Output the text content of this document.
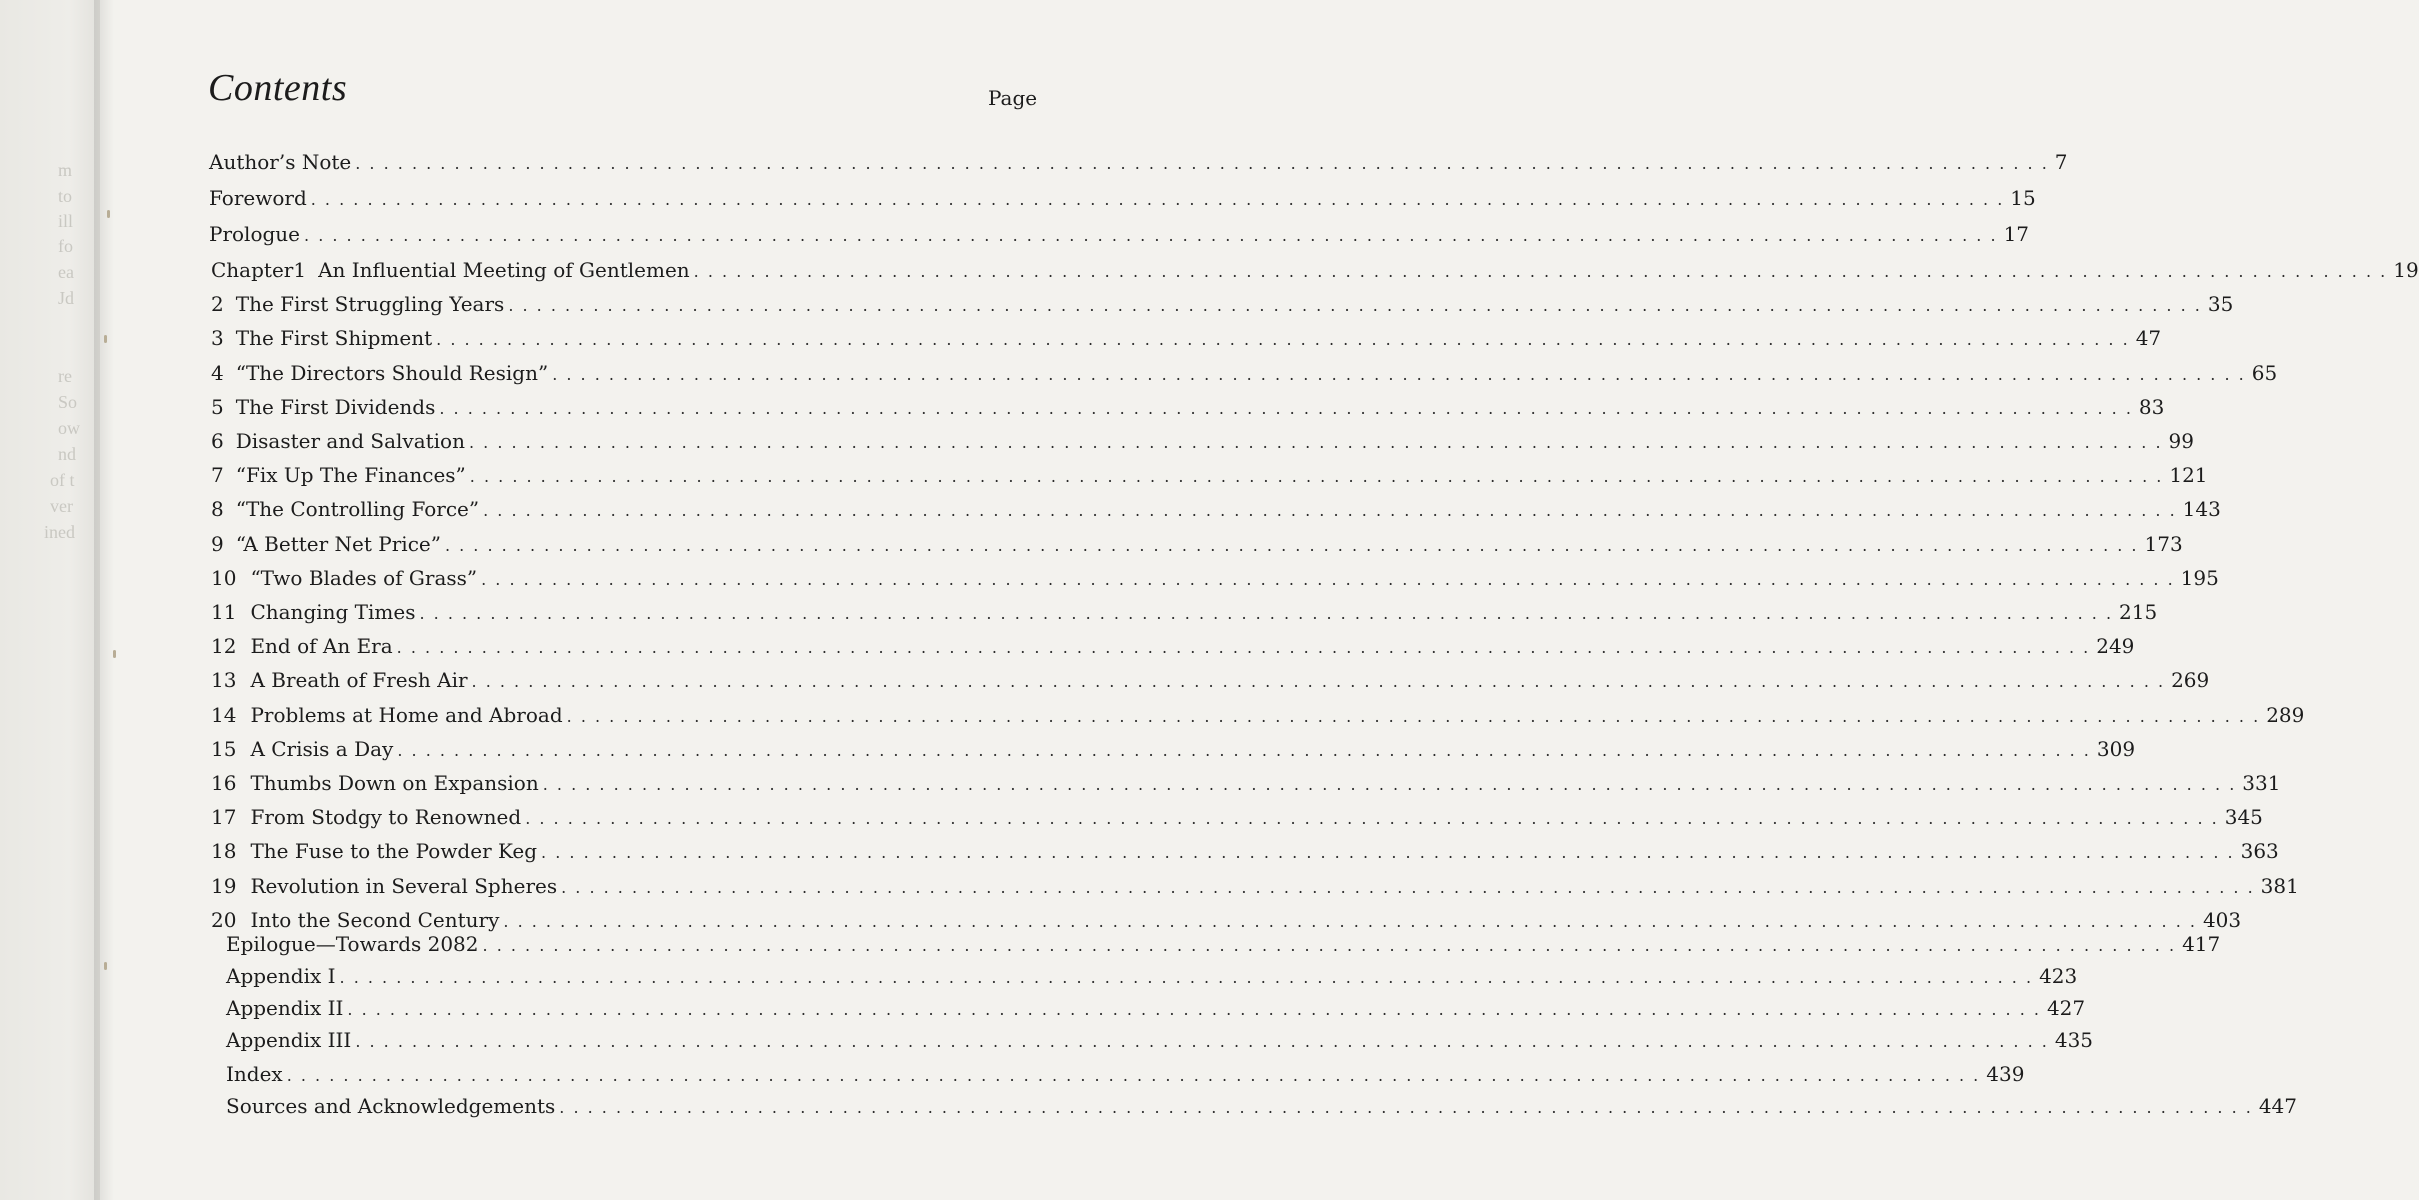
m
to
ill
fo
ea
Jd
re
So
ow
nd
of t
ver
ined
Contents	Page
Author’s Note . . . . . . . . . . . . . . . . . . . . . . . . . . . . . . . . . . . . . . . . . . . . . . . . . . . . . . . . . . . . . . . . . . . . . . . . . . . . . . . . . . . . . . . . . . . . . . . . . . . . . . . . . . . . . . . . . . . . . . . . 7
Foreword . . . . . . . . . . . . . . . . . . . . . . . . . . . . . . . . . . . . . . . . . . . . . . . . . . . . . . . . . . . . . . . . . . . . . . . . . . . . . . . . . . . . . . . . . . . . . . . . . . . . . . . . . . . . . . . . . . . . . . . . 15
Prologue . . . . . . . . . . . . . . . . . . . . . . . . . . . . . . . . . . . . . . . . . . . . . . . . . . . . . . . . . . . . . . . . . . . . . . . . . . . . . . . . . . . . . . . . . . . . . . . . . . . . . . . . . . . . . . . . . . . . . . . . 17
Chapter 1 An Influential Meeting of Gentlemen . . . . . . . . . . . . . . . . . . . . . . . . . . . . . . . . . . . . . . . . . . . . . . . . . . . . . . . . . . . . . . . . . . . . . . . . . . . . . . . . . . . . . . . . . . . . . . . . . . . . . . . . . . . . . . . . . . . . . . . . 19
2 The First Struggling Years . . . . . . . . . . . . . . . . . . . . . . . . . . . . . . . . . . . . . . . . . . . . . . . . . . . . . . . . . . . . . . . . . . . . . . . . . . . . . . . . . . . . . . . . . . . . . . . . . . . . . . . . . . . . . . . . . . . . . . . . 35
3 The First Shipment . . . . . . . . . . . . . . . . . . . . . . . . . . . . . . . . . . . . . . . . . . . . . . . . . . . . . . . . . . . . . . . . . . . . . . . . . . . . . . . . . . . . . . . . . . . . . . . . . . . . . . . . . . . . . . . . . . . . . . . . 47
4 “The Directors Should Resign” . . . . . . . . . . . . . . . . . . . . . . . . . . . . . . . . . . . . . . . . . . . . . . . . . . . . . . . . . . . . . . . . . . . . . . . . . . . . . . . . . . . . . . . . . . . . . . . . . . . . . . . . . . . . . . . . . . . . . . . . 65
5 The First Dividends . . . . . . . . . . . . . . . . . . . . . . . . . . . . . . . . . . . . . . . . . . . . . . . . . . . . . . . . . . . . . . . . . . . . . . . . . . . . . . . . . . . . . . . . . . . . . . . . . . . . . . . . . . . . . . . . . . . . . . . . 83
6 Disaster and Salvation . . . . . . . . . . . . . . . . . . . . . . . . . . . . . . . . . . . . . . . . . . . . . . . . . . . . . . . . . . . . . . . . . . . . . . . . . . . . . . . . . . . . . . . . . . . . . . . . . . . . . . . . . . . . . . . . . . . . . . . . 99
7 “Fix Up The Finances” . . . . . . . . . . . . . . . . . . . . . . . . . . . . . . . . . . . . . . . . . . . . . . . . . . . . . . . . . . . . . . . . . . . . . . . . . . . . . . . . . . . . . . . . . . . . . . . . . . . . . . . . . . . . . . . . . . . . . . . . 121
8 “The Controlling Force” . . . . . . . . . . . . . . . . . . . . . . . . . . . . . . . . . . . . . . . . . . . . . . . . . . . . . . . . . . . . . . . . . . . . . . . . . . . . . . . . . . . . . . . . . . . . . . . . . . . . . . . . . . . . . . . . . . . . . . . . 143
9 “A Better Net Price” . . . . . . . . . . . . . . . . . . . . . . . . . . . . . . . . . . . . . . . . . . . . . . . . . . . . . . . . . . . . . . . . . . . . . . . . . . . . . . . . . . . . . . . . . . . . . . . . . . . . . . . . . . . . . . . . . . . . . . . . 173
10 “Two Blades of Grass” . . . . . . . . . . . . . . . . . . . . . . . . . . . . . . . . . . . . . . . . . . . . . . . . . . . . . . . . . . . . . . . . . . . . . . . . . . . . . . . . . . . . . . . . . . . . . . . . . . . . . . . . . . . . . . . . . . . . . . . . 195
11 Changing Times . . . . . . . . . . . . . . . . . . . . . . . . . . . . . . . . . . . . . . . . . . . . . . . . . . . . . . . . . . . . . . . . . . . . . . . . . . . . . . . . . . . . . . . . . . . . . . . . . . . . . . . . . . . . . . . . . . . . . . . . 215
12 End of An Era . . . . . . . . . . . . . . . . . . . . . . . . . . . . . . . . . . . . . . . . . . . . . . . . . . . . . . . . . . . . . . . . . . . . . . . . . . . . . . . . . . . . . . . . . . . . . . . . . . . . . . . . . . . . . . . . . . . . . . . . 249
13 A Breath of Fresh Air . . . . . . . . . . . . . . . . . . . . . . . . . . . . . . . . . . . . . . . . . . . . . . . . . . . . . . . . . . . . . . . . . . . . . . . . . . . . . . . . . . . . . . . . . . . . . . . . . . . . . . . . . . . . . . . . . . . . . . . . 269
14 Problems at Home and Abroad . . . . . . . . . . . . . . . . . . . . . . . . . . . . . . . . . . . . . . . . . . . . . . . . . . . . . . . . . . . . . . . . . . . . . . . . . . . . . . . . . . . . . . . . . . . . . . . . . . . . . . . . . . . . . . . . . . . . . . . . 289
15 A Crisis a Day . . . . . . . . . . . . . . . . . . . . . . . . . . . . . . . . . . . . . . . . . . . . . . . . . . . . . . . . . . . . . . . . . . . . . . . . . . . . . . . . . . . . . . . . . . . . . . . . . . . . . . . . . . . . . . . . . . . . . . . . 309
16 Thumbs Down on Expansion . . . . . . . . . . . . . . . . . . . . . . . . . . . . . . . . . . . . . . . . . . . . . . . . . . . . . . . . . . . . . . . . . . . . . . . . . . . . . . . . . . . . . . . . . . . . . . . . . . . . . . . . . . . . . . . . . . . . . . . . 331
17 From Stodgy to Renowned . . . . . . . . . . . . . . . . . . . . . . . . . . . . . . . . . . . . . . . . . . . . . . . . . . . . . . . . . . . . . . . . . . . . . . . . . . . . . . . . . . . . . . . . . . . . . . . . . . . . . . . . . . . . . . . . . . . . . . . . 345
18 The Fuse to the Powder Keg . . . . . . . . . . . . . . . . . . . . . . . . . . . . . . . . . . . . . . . . . . . . . . . . . . . . . . . . . . . . . . . . . . . . . . . . . . . . . . . . . . . . . . . . . . . . . . . . . . . . . . . . . . . . . . . . . . . . . . . . 363
19 Revolution in Several Spheres . . . . . . . . . . . . . . . . . . . . . . . . . . . . . . . . . . . . . . . . . . . . . . . . . . . . . . . . . . . . . . . . . . . . . . . . . . . . . . . . . . . . . . . . . . . . . . . . . . . . . . . . . . . . . . . . . . . . . . . . 381
20 Into the Second Century . . . . . . . . . . . . . . . . . . . . . . . . . . . . . . . . . . . . . . . . . . . . . . . . . . . . . . . . . . . . . . . . . . . . . . . . . . . . . . . . . . . . . . . . . . . . . . . . . . . . . . . . . . . . . . . . . . . . . . . . 403
Epilogue—Towards 2082 . . . . . . . . . . . . . . . . . . . . . . . . . . . . . . . . . . . . . . . . . . . . . . . . . . . . . . . . . . . . . . . . . . . . . . . . . . . . . . . . . . . . . . . . . . . . . . . . . . . . . . . . . . . . . . . . . . . . . . . . 417
Appendix I . . . . . . . . . . . . . . . . . . . . . . . . . . . . . . . . . . . . . . . . . . . . . . . . . . . . . . . . . . . . . . . . . . . . . . . . . . . . . . . . . . . . . . . . . . . . . . . . . . . . . . . . . . . . . . . . . . . . . . . . 423
Appendix II . . . . . . . . . . . . . . . . . . . . . . . . . . . . . . . . . . . . . . . . . . . . . . . . . . . . . . . . . . . . . . . . . . . . . . . . . . . . . . . . . . . . . . . . . . . . . . . . . . . . . . . . . . . . . . . . . . . . . . . . 427
Appendix III . . . . . . . . . . . . . . . . . . . . . . . . . . . . . . . . . . . . . . . . . . . . . . . . . . . . . . . . . . . . . . . . . . . . . . . . . . . . . . . . . . . . . . . . . . . . . . . . . . . . . . . . . . . . . . . . . . . . . . . . 435
Index . . . . . . . . . . . . . . . . . . . . . . . . . . . . . . . . . . . . . . . . . . . . . . . . . . . . . . . . . . . . . . . . . . . . . . . . . . . . . . . . . . . . . . . . . . . . . . . . . . . . . . . . . . . . . . . . . . . . . . . . 439
Sources and Acknowledgements . . . . . . . . . . . . . . . . . . . . . . . . . . . . . . . . . . . . . . . . . . . . . . . . . . . . . . . . . . . . . . . . . . . . . . . . . . . . . . . . . . . . . . . . . . . . . . . . . . . . . . . . . . . . . . . . . . . . . . . . 447
